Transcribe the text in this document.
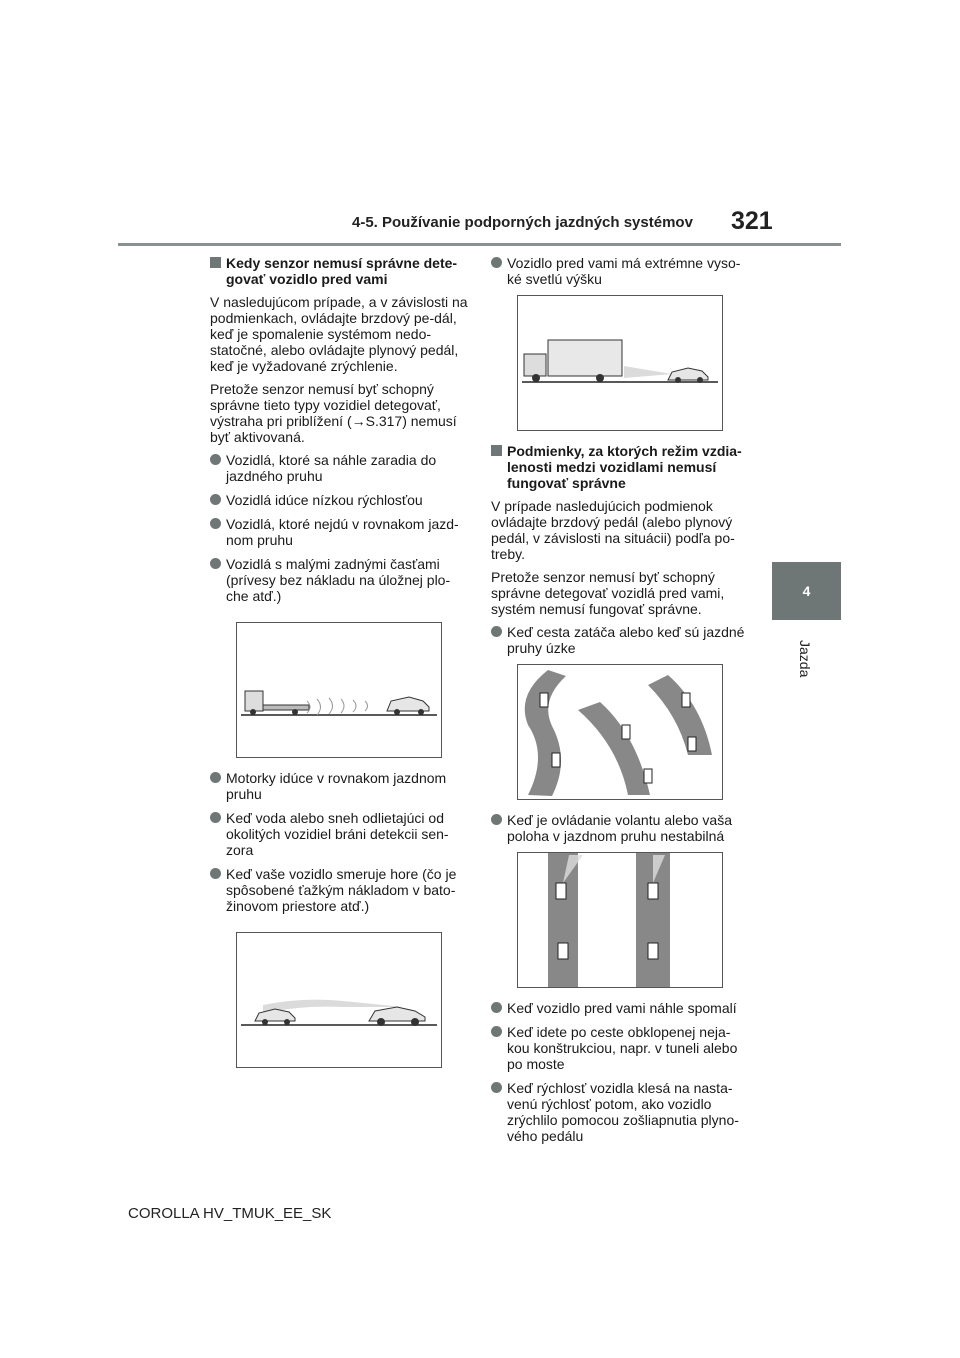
4-5. Používanie podporných jazdných systémov 321
4
Jazda
Kedy senzor nemusí správne dete-
govať vozidlo pred vami

V nasledujúcom prípade, a v závislosti na podmienkach, ovládajte brzdový pe-dál, keď je spomalenie systémom nedo-statočné, alebo ovládajte plynový pedál, keď je vyžadované zrýchlenie.

Pretože senzor nemusí byť schopný správne tieto typy vozidiel detegovať, výstraha pri priblížení (→S.317) nemusí byť aktivovaná.

Vozidlá, ktoré sa náhle zaradia do jazdného pruhu
Vozidlá idúce nízkou rýchlosťou
Vozidlá, ktoré nejdú v rovnakom jazd-nom pruhu
Vozidlá s malými zadnými časťami (prívesy bez nákladu na úložnej plo-che atď.)
Motorky idúce v rovnakom jazdnom pruhu
Keď voda alebo sneh odlietajúci od okolitých vozidiel bráni detekcii sen-zora
Keď vaše vozidlo smeruje hore (čo je spôsobené ťažkým nákladom v bato-žinovom priestore atď.)
Vozidlo pred vami má extrémne vyso-ké svetlú výšku
Podmienky, za ktorých režim vzdia-lenosti medzi vozidlami nemusí fungovať správne

V prípade nasledujúcich podmienok ovládajte brzdový pedál (alebo plynový pedál, v závislosti na situácii) podľa po-treby.

Pretože senzor nemusí byť schopný správne detegovať vozidlá pred vami, systém nemusí fungovať správne.

Keď cesta zatáča alebo keď sú jazdné pruhy úzke
Keď je ovládanie volantu alebo vaša poloha v jazdnom pruhu nestabilná
Keď vozidlo pred vami náhle spomalí
Keď idete po ceste obklopenej neja-kou konštrukciou, napr. v tuneli alebo po moste
Keď rýchlosť vozidla klesá na nasta-venú rýchlosť potom, ako vozidlo zrýchlilo pomocou zošliapnutia plyno-vého pedálu
COROLLA HV_TMUK_EE_SK
